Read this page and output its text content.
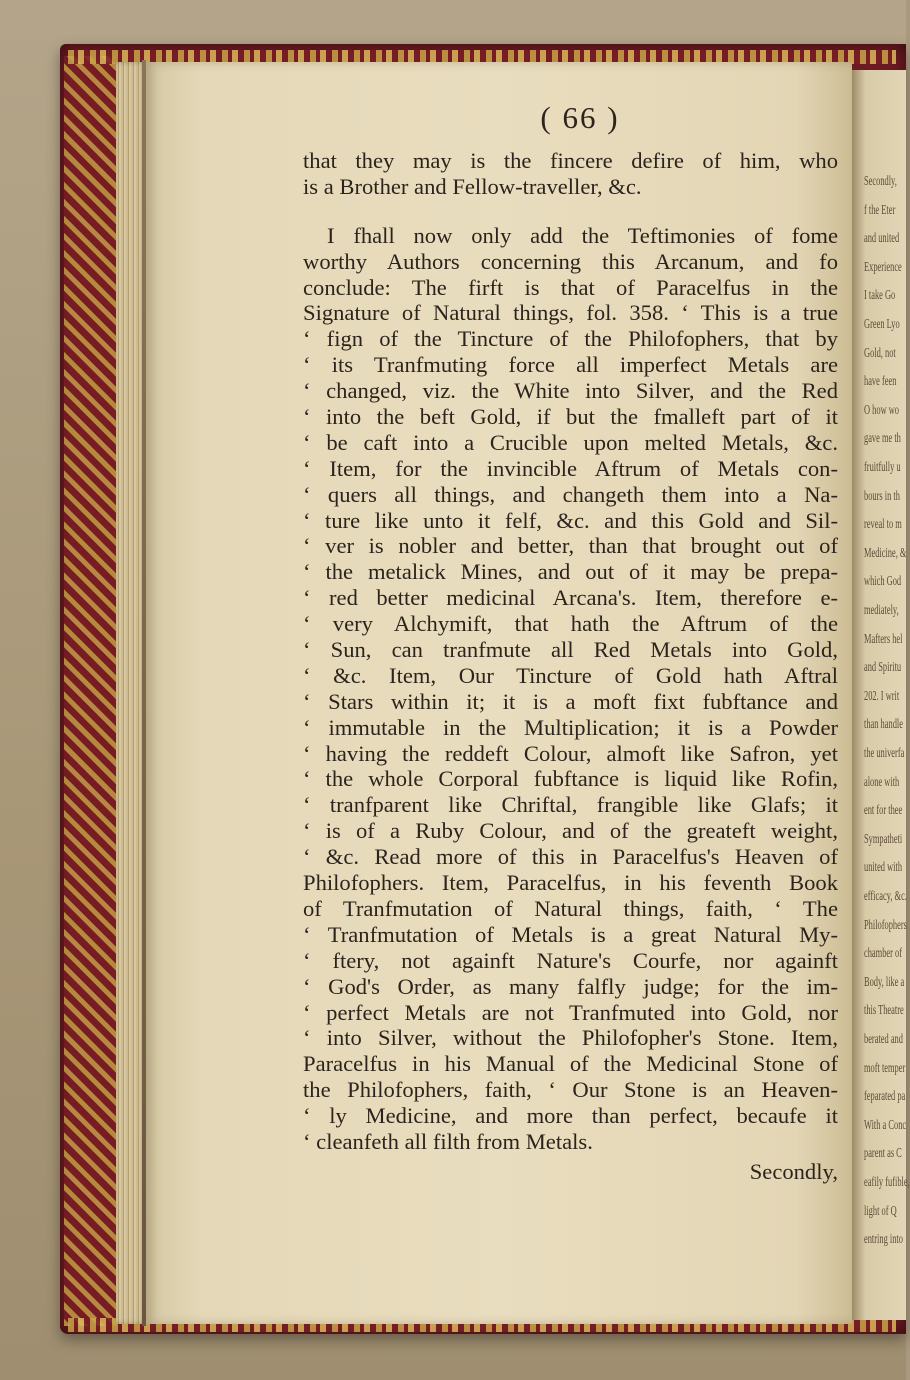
Secondly,
f the Eter
and united
Experience
I take Go
Green Lyo
Gold, not
have feen
O how wo
gave me th
fruitfully u
bours in th
reveal to m
Medicine, &
which God
mediately,
Mafters hel
and Spiritu
202. I writ
than handle
the univerfa
alone with
ent for thee
Sympatheti
united with
efficacy, &c.
Philofophers
chamber of
Body, like a
this Theatre
berated and
moft temper
feparated pa
With a Conc
parent as C
eafily fufible,
light of Q
entring into
( 66 )
that they may is the fincere defire of him, who
is a Brother and Fellow-traveller, &c.
I fhall now only add the Teftimonies of fome
worthy Authors concerning this Arcanum, and fo
conclude: The firft is that of Paracelfus in the
Signature of Natural things, fol. 358. ‘ This is a true
‘ fign of the Tincture of the Philofophers, that by
‘ its Tranfmuting force all imperfect Metals are
‘ changed, viz. the White into Silver, and the Red
‘ into the beft Gold, if but the fmalleft part of it
‘ be caft into a Crucible upon melted Metals, &c.
‘ Item, for the invincible Aftrum of Metals con-
‘ quers all things, and changeth them into a Na-
‘ ture like unto it felf, &c. and this Gold and Sil-
‘ ver is nobler and better, than that brought out of
‘ the metalick Mines, and out of it may be prepa-
‘ red better medicinal Arcana's. Item, therefore e-
‘ very Alchymift, that hath the Aftrum of the
‘ Sun, can tranfmute all Red Metals into Gold,
‘ &c. Item, Our Tincture of Gold hath Aftral
‘ Stars within it; it is a moft fixt fubftance and
‘ immutable in the Multiplication; it is a Powder
‘ having the reddeft Colour, almoft like Safron, yet
‘ the whole Corporal fubftance is liquid like Rofin,
‘ tranfparent like Chriftal, frangible like Glafs; it
‘ is of a Ruby Colour, and of the greateft weight,
‘ &c. Read more of this in Paracelfus's Heaven of
Philofophers. Item, Paracelfus, in his feventh Book
of Tranfmutation of Natural things, faith, ‘ The
‘ Tranfmutation of Metals is a great Natural My-
‘ ftery, not againft Nature's Courfe, nor againft
‘ God's Order, as many falfly judge; for the im-
‘ perfect Metals are not Tranfmuted into Gold, nor
‘ into Silver, without the Philofopher's Stone. Item,
Paracelfus in his Manual of the Medicinal Stone of
the Philofophers, faith, ‘ Our Stone is an Heaven-
‘ ly Medicine, and more than perfect, becaufe it
‘ cleanfeth all filth from Metals.
Secondly,
